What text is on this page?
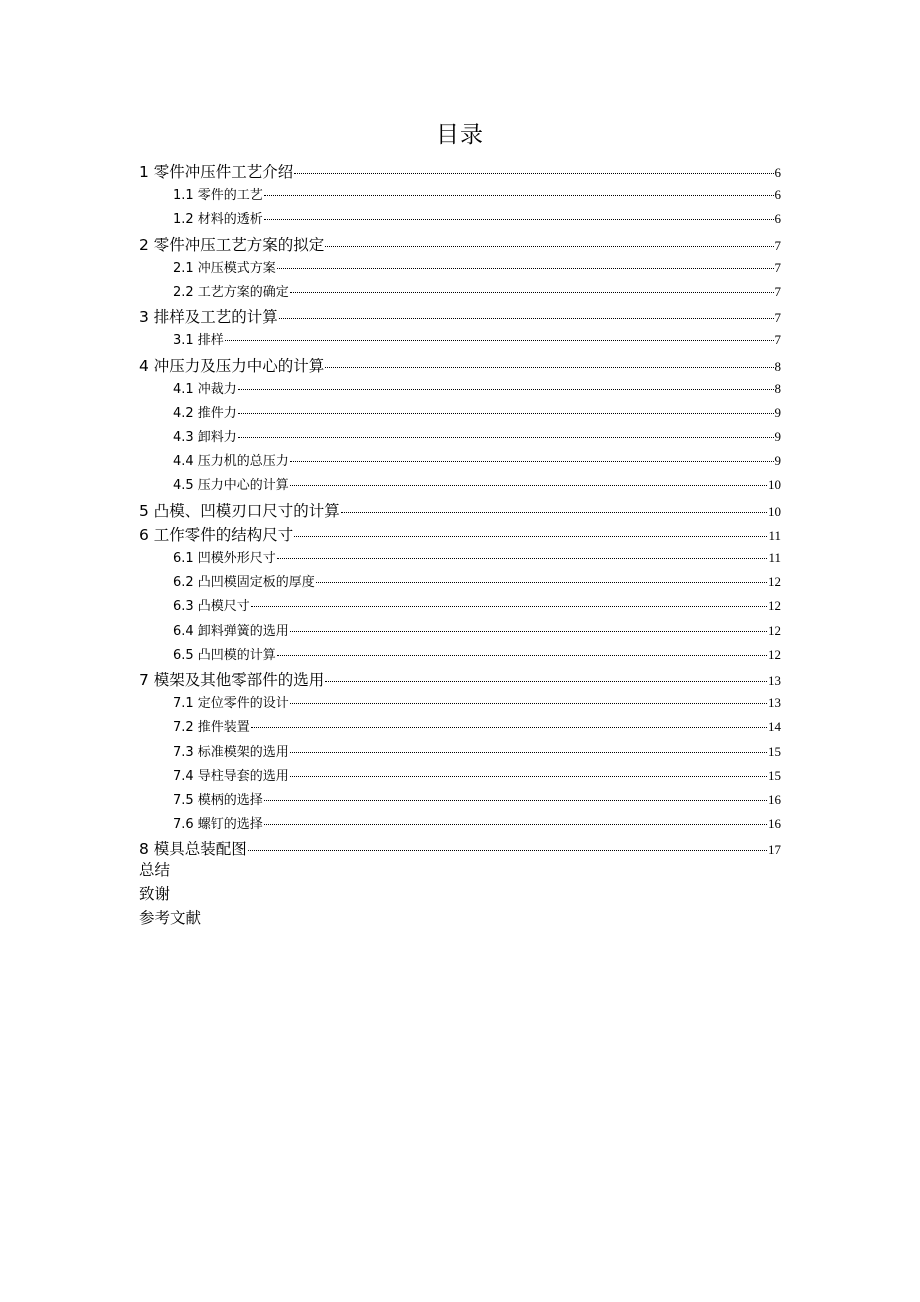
目录
1 零件冲压件工艺介绍	6
1.1 零件的工艺	6
1.2 材料的透析	6
2 零件冲压工艺方案的拟定	7
2.1 冲压模式方案	7
2.2 工艺方案的确定	7
3 排样及工艺的计算	7
3.1 排样	7
4 冲压力及压力中心的计算	8
4.1 冲裁力	8
4.2 推件力	9
4.3 卸料力	9
4.4 压力机的总压力	9
4.5 压力中心的计算	10
5 凸模、凹模刃口尺寸的计算	10
6 工作零件的结构尺寸	11
6.1 凹模外形尺寸	11
6.2 凸凹模固定板的厚度	12
6.3 凸模尺寸	12
6.4 卸料弹簧的选用	12
6.5 凸凹模的计算	12
7 模架及其他零部件的选用	13
7.1 定位零件的设计	13
7.2 推件装置	14
7.3 标准模架的选用	15
7.4 导柱导套的选用	15
7.5 模柄的选择	16
7.6 螺钉的选择	16
8 模具总装配图	17
总结
致谢
参考文献
